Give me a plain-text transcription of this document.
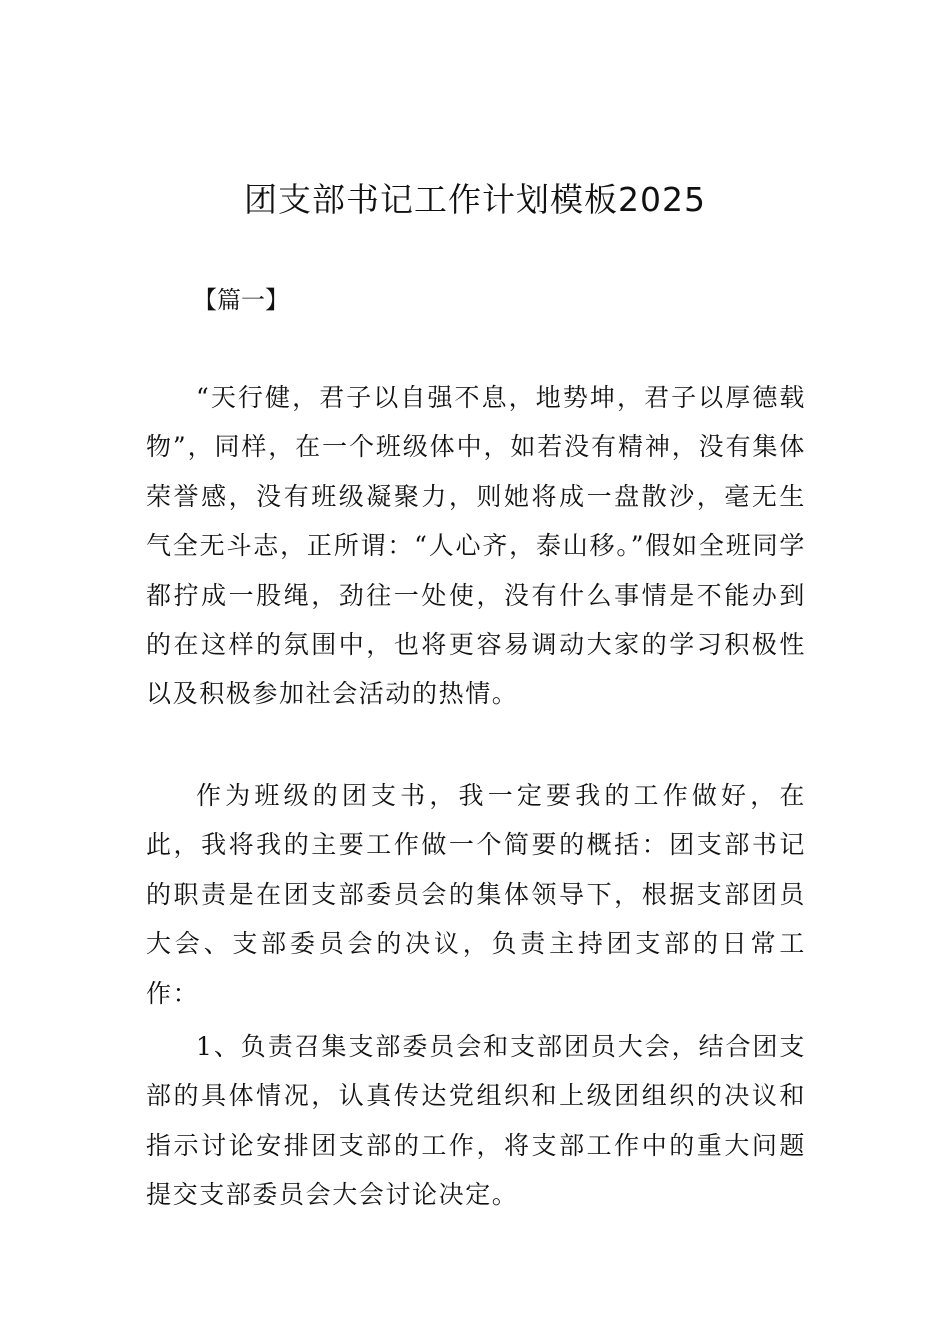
团支部书记工作计划模板2025
【篇一】

“天行健，君子以自强不息，地势坤，君子以厚德载物”，同样，在一个班级体中，如若没有精神，没有集体荣誉感，没有班级凝聚力，则她将成一盘散沙，毫无生气全无斗志，正所谓：“人心齐，泰山移。”假如全班同学都拧成一股绳，劲往一处使，没有什么事情是不能办到的在这样的氛围中，也将更容易调动大家的学习积极性以及积极参加社会活动的热情。

作为班级的团支书，我一定要我的工作做好，在此，我将我的主要工作做一个简要的概括：团支部书记的职责是在团支部委员会的集体领导下，根据支部团员大会、支部委员会的决议，负责主持团支部的日常工作：

1、负责召集支部委员会和支部团员大会，结合团支部的具体情况，认真传达党组织和上级团组织的决议和指示讨论安排团支部的工作，将支部工作中的重大问题提交支部委员会大会讨论决定。
